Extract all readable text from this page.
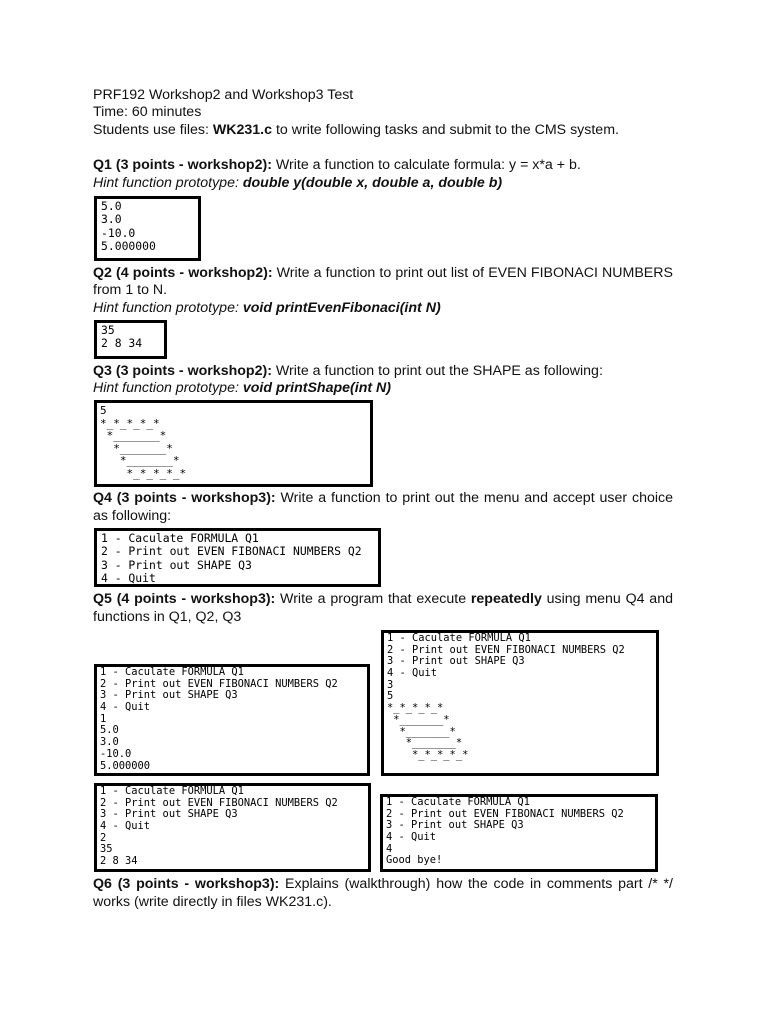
PRF192 Workshop2 and Workshop3 Test
Time: 60 minutes
Students use files: WK231.c to write following tasks and submit to the CMS system.
Q1 (3 points - workshop2): Write a function to calculate formula: y = x*a + b.
Hint function prototype: double y(double x, double a, double b)
5.0
3.0
-10.0
5.000000
Q2 (4 points - workshop2): Write a function to print out list of EVEN FIBONACI NUMBERS
from 1 to N.
Hint function prototype: void printEvenFibonaci(int N)
35
2 8 34
Q3 (3 points - workshop2): Write a function to print out the SHAPE as following:
Hint function prototype: void printShape(int N)
5
*_*_*_*_*
*_______*
*_______*
*_______*
*_*_*_*_*
Q4 (3 points - workshop3): Write a function to print out the menu and accept user choice
as following:
1 - Caculate FORMULA Q1
2 - Print out EVEN FIBONACI NUMBERS Q2
3 - Print out SHAPE Q3
4 - Quit
Q5 (4 points - workshop3): Write a program that execute repeatedly using menu Q4 and
functions in Q1, Q2, Q3
1 - Caculate FORMULA Q1
2 - Print out EVEN FIBONACI NUMBERS Q2
3 - Print out SHAPE Q3
4 - Quit
3
5
*_*_*_*_*
*_______*
*_______*
*_______*
*_*_*_*_*
1 - Caculate FORMULA Q1
2 - Print out EVEN FIBONACI NUMBERS Q2
3 - Print out SHAPE Q3
4 - Quit
1
5.0
3.0
-10.0
5.000000
1 - Caculate FORMULA Q1
2 - Print out EVEN FIBONACI NUMBERS Q2
3 - Print out SHAPE Q3
4 - Quit
2
35
2 8 34
1 - Caculate FORMULA Q1
2 - Print out EVEN FIBONACI NUMBERS Q2
3 - Print out SHAPE Q3
4 - Quit
4
Good bye!
Q6 (3 points - workshop3): Explains (walkthrough) how the code in comments part /* */
works (write directly in files WK231.c).
